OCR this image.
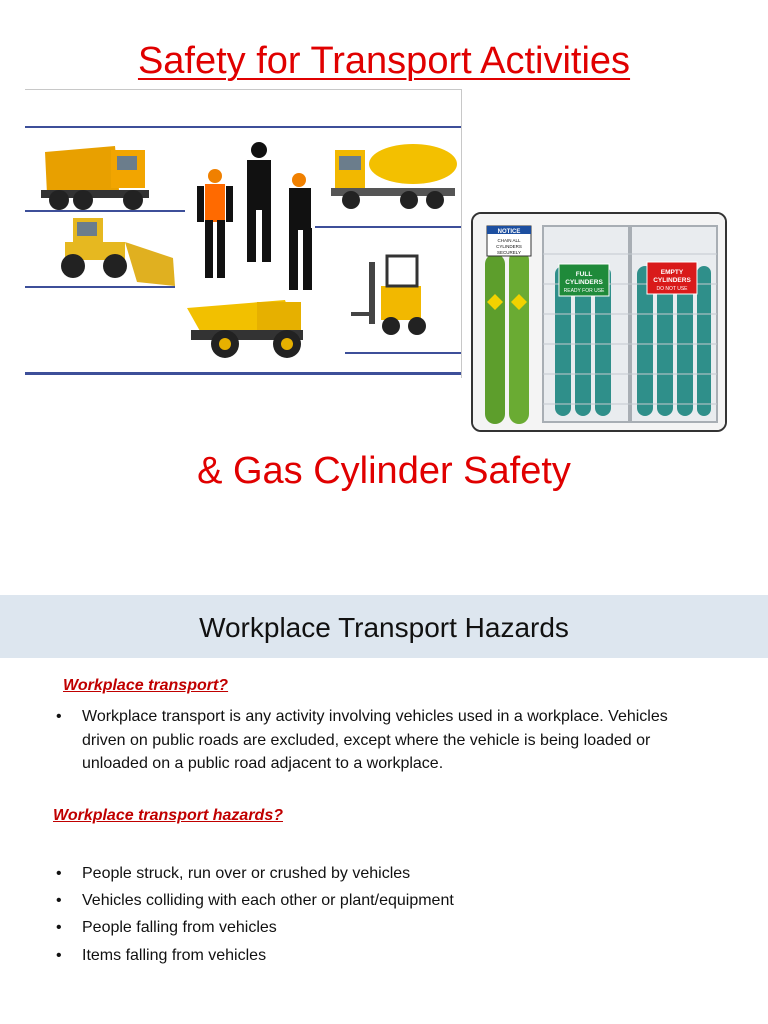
Safety for Transport Activities
NOTICE
CHAIN ALL
CYLINDERS
SECURELY
FULL
CYLINDERS
READY FOR USE
EMPTY
CYLINDERS
DO NOT USE
& Gas Cylinder Safety
Workplace Transport Hazards
Workplace transport?
• Workplace transport is any activity involving vehicles used in a workplace. Vehicles driven on public roads are excluded, except where the vehicle is being loaded or unloaded on a public road adjacent to a workplace.
Workplace transport hazards?
• People struck, run over or crushed by vehicles
• Vehicles colliding with each other or plant/equipment
• People falling from vehicles
• Items falling from vehicles
